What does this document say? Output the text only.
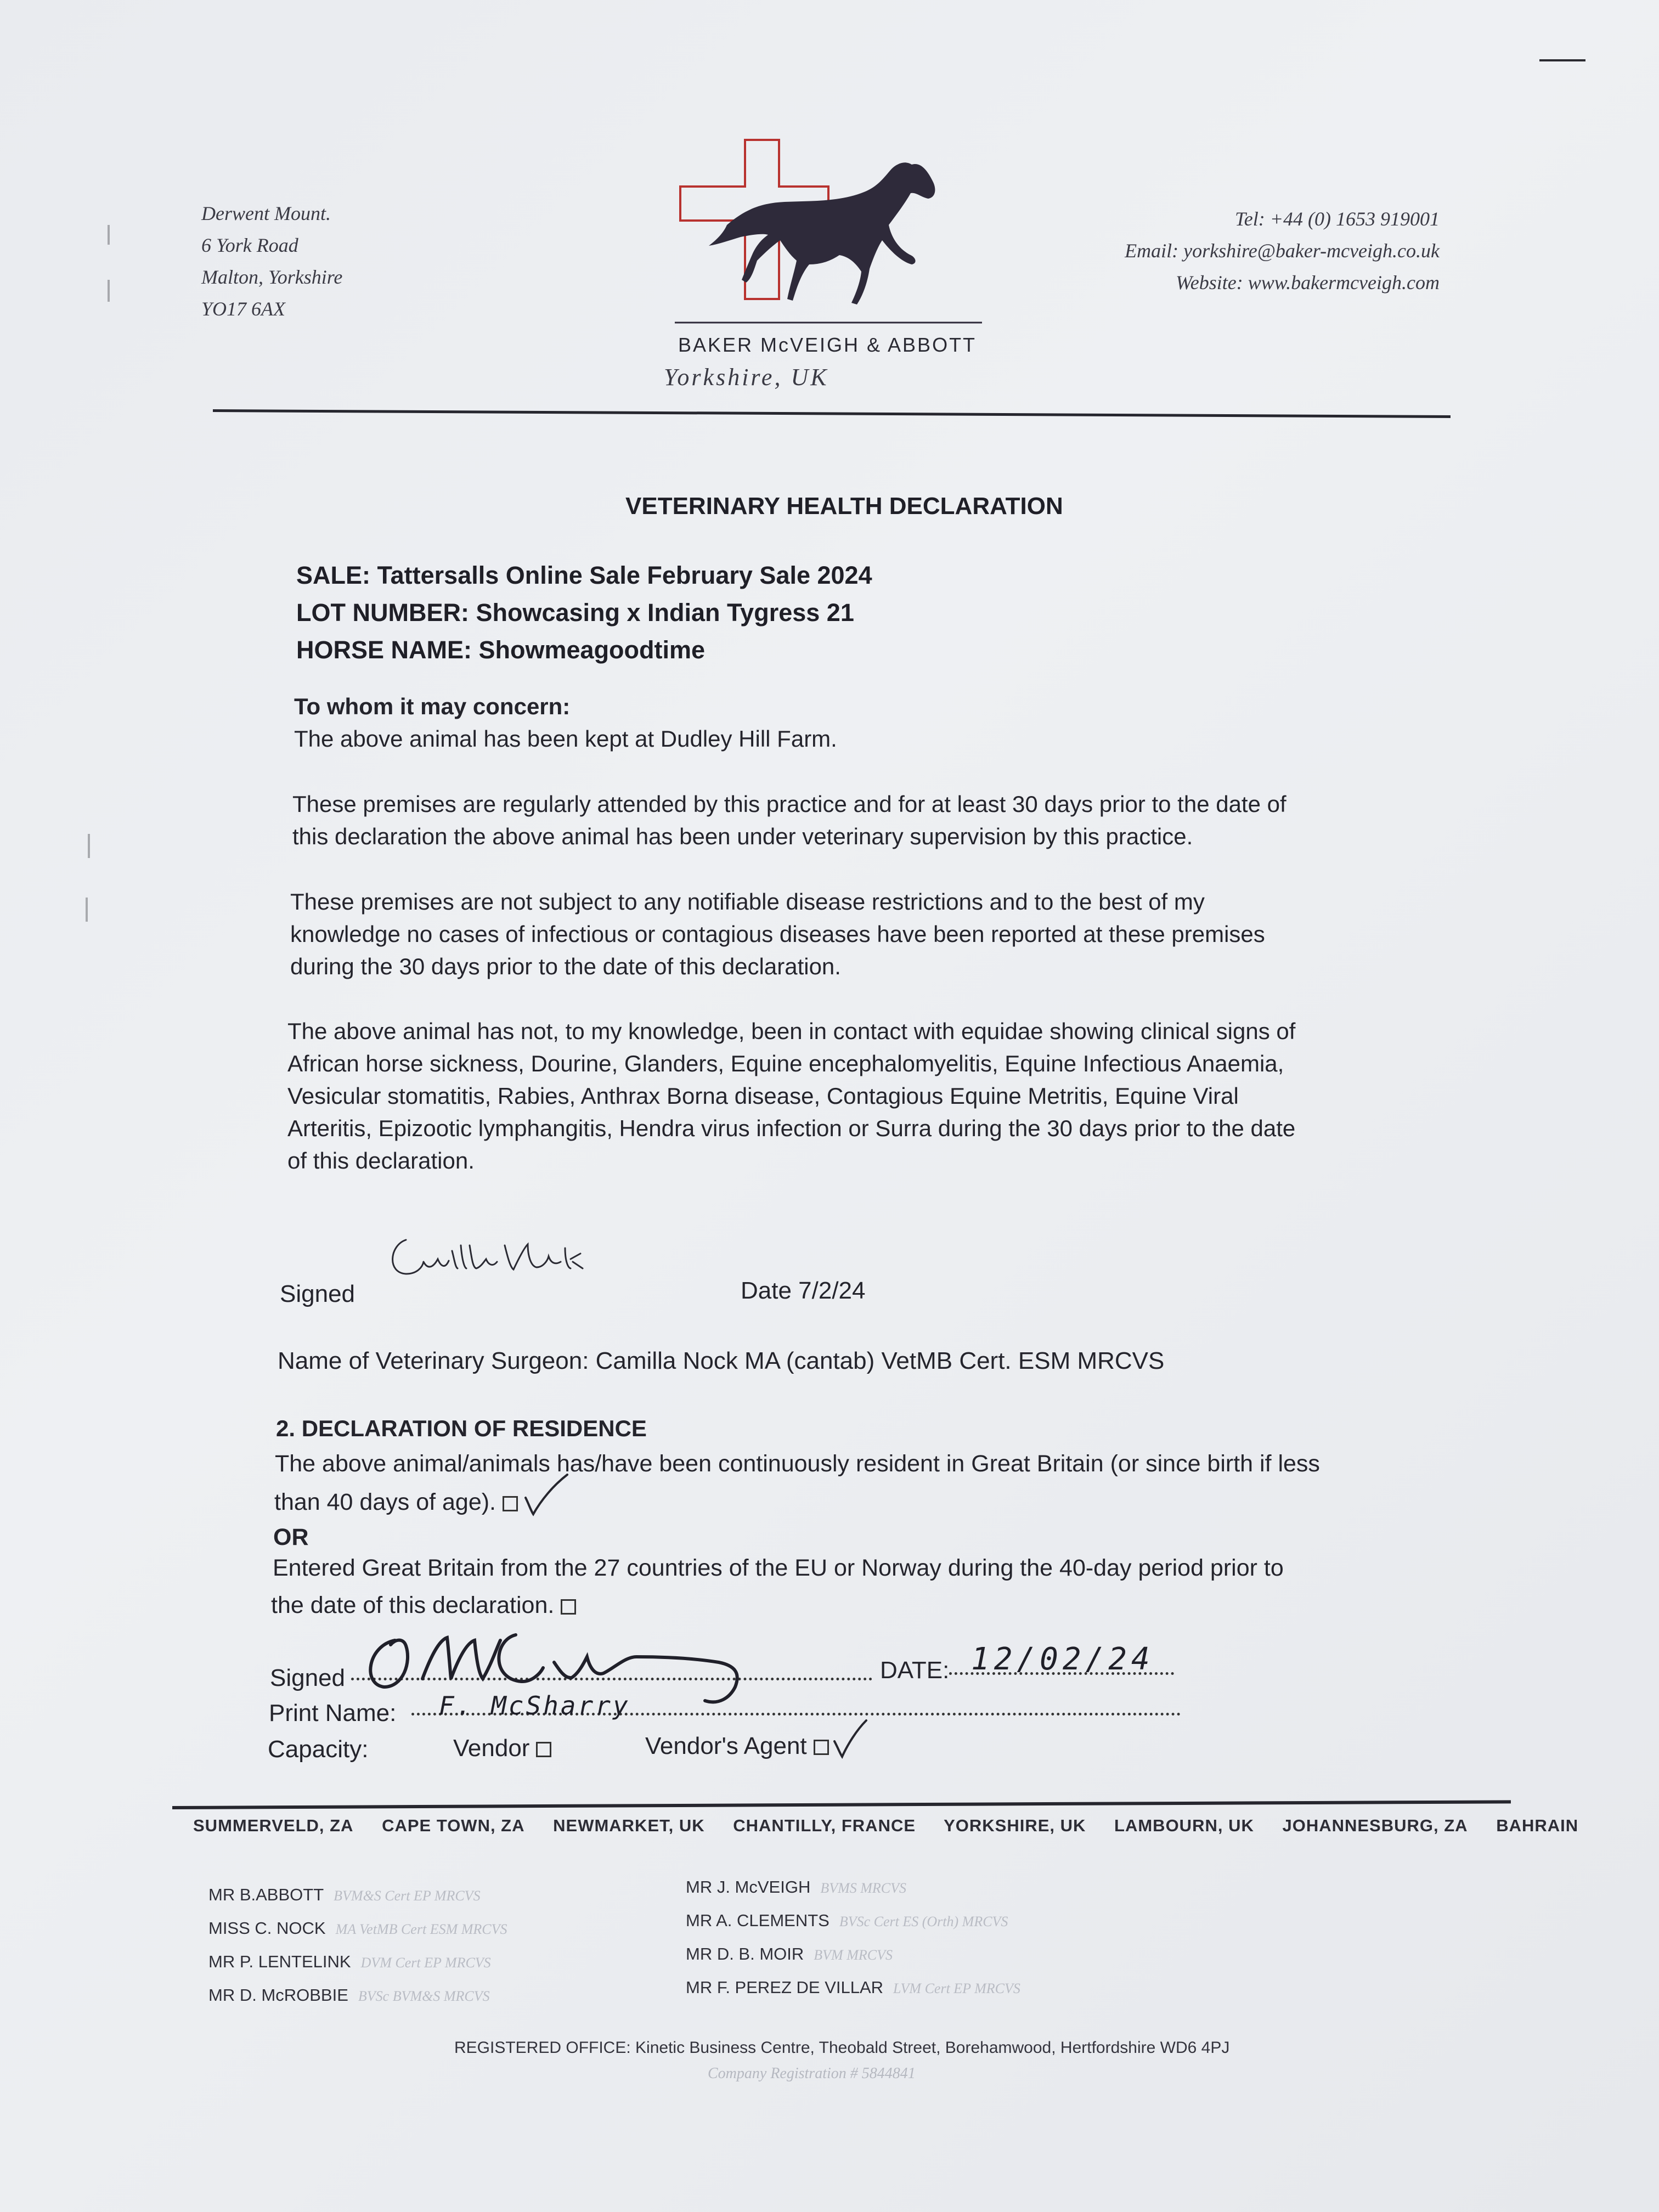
Derwent Mount.
6 York Road
Malton, Yorkshire
YO17 6AX
BAKER McVEIGH & ABBOTT
Yorkshire, UK
Tel: +44 (0) 1653 919001
Email: yorkshire@baker-mcveigh.co.uk
Website: www.bakermcveigh.com
VETERINARY HEALTH DECLARATION
SALE: Tattersalls Online Sale February Sale 2024
LOT NUMBER: Showcasing x Indian Tygress 21
HORSE NAME: Showmeagoodtime
To whom it may concern:
The above animal has been kept at Dudley Hill Farm.
These premises are regularly attended by this practice and for at least 30 days prior to the date of
this declaration the above animal has been under veterinary supervision by this practice.
These premises are not subject to any notifiable disease restrictions and to the best of my
knowledge no cases of infectious or contagious diseases have been reported at these premises
during the 30 days prior to the date of this declaration.
The above animal has not, to my knowledge, been in contact with equidae showing clinical signs of
African horse sickness, Dourine, Glanders, Equine encephalomyelitis, Equine Infectious Anaemia,
Vesicular stomatitis, Rabies, Anthrax Borna disease, Contagious Equine Metritis, Equine Viral
Arteritis, Epizootic lymphangitis, Hendra virus infection or Surra during the 30 days prior to the date
of this declaration.
Signed	Date 7/2/24
Name of Veterinary Surgeon: Camilla Nock MA (cantab) VetMB Cert. ESM MRCVS
2. DECLARATION OF RESIDENCE
The above animal/animals has/have been continuously resident in Great Britain (or since birth if less
than 40 days of age).
OR
Entered Great Britain from the 27 countries of the EU or Norway during the 40-day period prior to
the date of this declaration.
Signed	DATE: 12/02/24
Print Name: F. McSharry
Capacity:	Vendor	Vendor's Agent
SUMMERVELD, ZA CAPE TOWN, ZA NEWMARKET, UK CHANTILLY, FRANCE YORKSHIRE, UK LAMBOURN, UK JOHANNESBURG, ZA BAHRAIN
MR B.ABBOTT BVM&S Cert EP MRCVS
MISS C. NOCK MA VetMB Cert ESM MRCVS
MR P. LENTELINK DVM Cert EP MRCVS
MR D. McROBBIE BVSc BVM&S MRCVS
MR J. McVEIGH BVMS MRCVS
MR A. CLEMENTS BVSc Cert ES (Orth) MRCVS
MR D. B. MOIR BVM MRCVS
MR F. PEREZ DE VILLAR LVM Cert EP MRCVS
REGISTERED OFFICE: Kinetic Business Centre, Theobald Street, Borehamwood, Hertfordshire WD6 4PJ
Company Registration # 5844841
